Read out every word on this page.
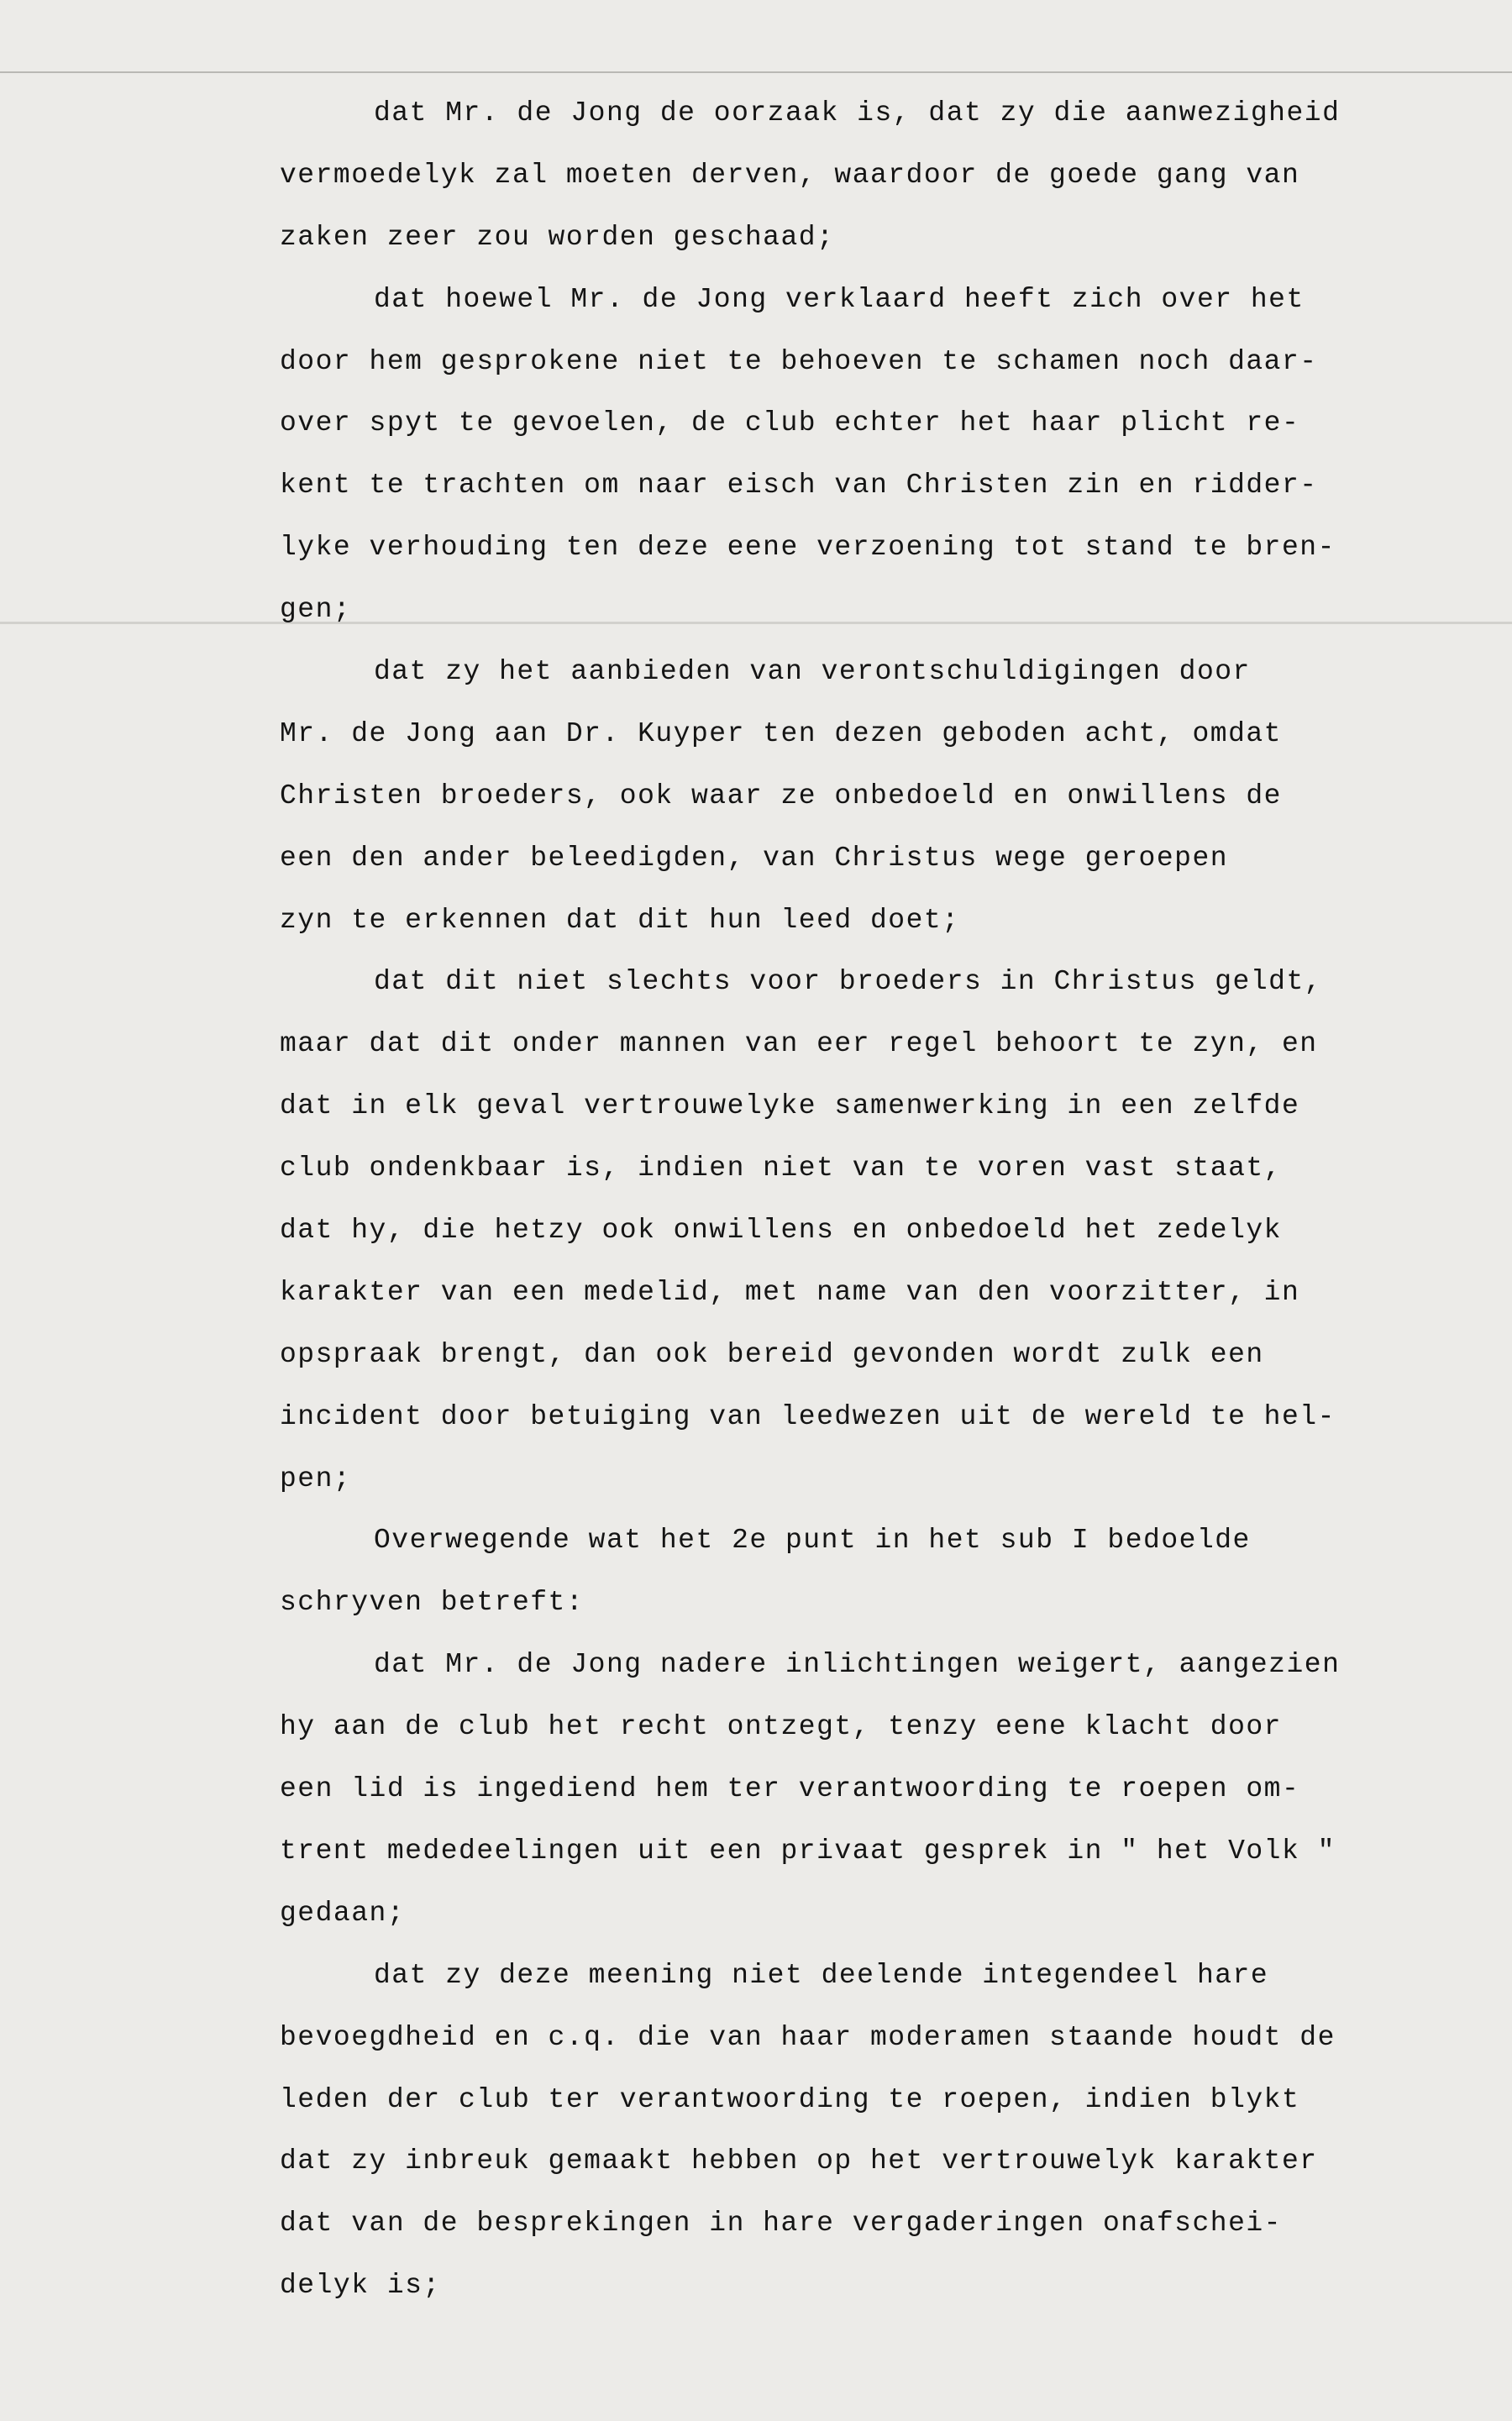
dat Mr. de Jong de oorzaak is, dat zy die aanwezigheid
vermoedelyk zal moeten derven, waardoor de goede gang van
zaken zeer zou worden geschaad;
dat hoewel Mr. de Jong verklaard heeft zich over het
door hem gesprokene niet te behoeven te schamen noch daar-
over spyt te gevoelen, de club echter het haar plicht re-
kent te trachten om naar eisch van Christen zin en ridder-
lyke verhouding ten deze eene verzoening tot stand te bren-
gen;
dat zy het aanbieden van verontschuldigingen door
Mr. de Jong aan Dr. Kuyper ten dezen geboden acht, omdat
Christen broeders, ook waar ze onbedoeld en onwillens de
een den ander beleedigden, van Christus wege geroepen
zyn te erkennen dat dit hun leed doet;
dat dit niet slechts voor broeders in Christus geldt,
maar dat dit onder mannen van eer regel behoort te zyn, en
dat in elk geval vertrouwelyke samenwerking in een zelfde
club ondenkbaar is, indien niet van te voren vast staat,
dat hy, die hetzy ook onwillens en onbedoeld het zedelyk
karakter van een medelid, met name van den voorzitter, in
opspraak brengt, dan ook bereid gevonden wordt zulk een
incident door betuiging van leedwezen uit de wereld te hel-
pen;
Overwegende wat het 2e punt in het sub I bedoelde
schryven betreft:
dat Mr. de Jong nadere inlichtingen weigert, aangezien
hy aan de club het recht ontzegt, tenzy eene klacht door
een lid is ingediend hem ter verantwoording te roepen om-
trent mededeelingen uit een privaat gesprek in " het Volk "
gedaan;
dat zy deze meening niet deelende integendeel hare
bevoegdheid en c.q. die van haar moderamen staande houdt de
leden der club ter verantwoording te roepen, indien blykt
dat zy inbreuk gemaakt hebben op het vertrouwelyk karakter
dat van de besprekingen in hare vergaderingen onafschei-
delyk is;
